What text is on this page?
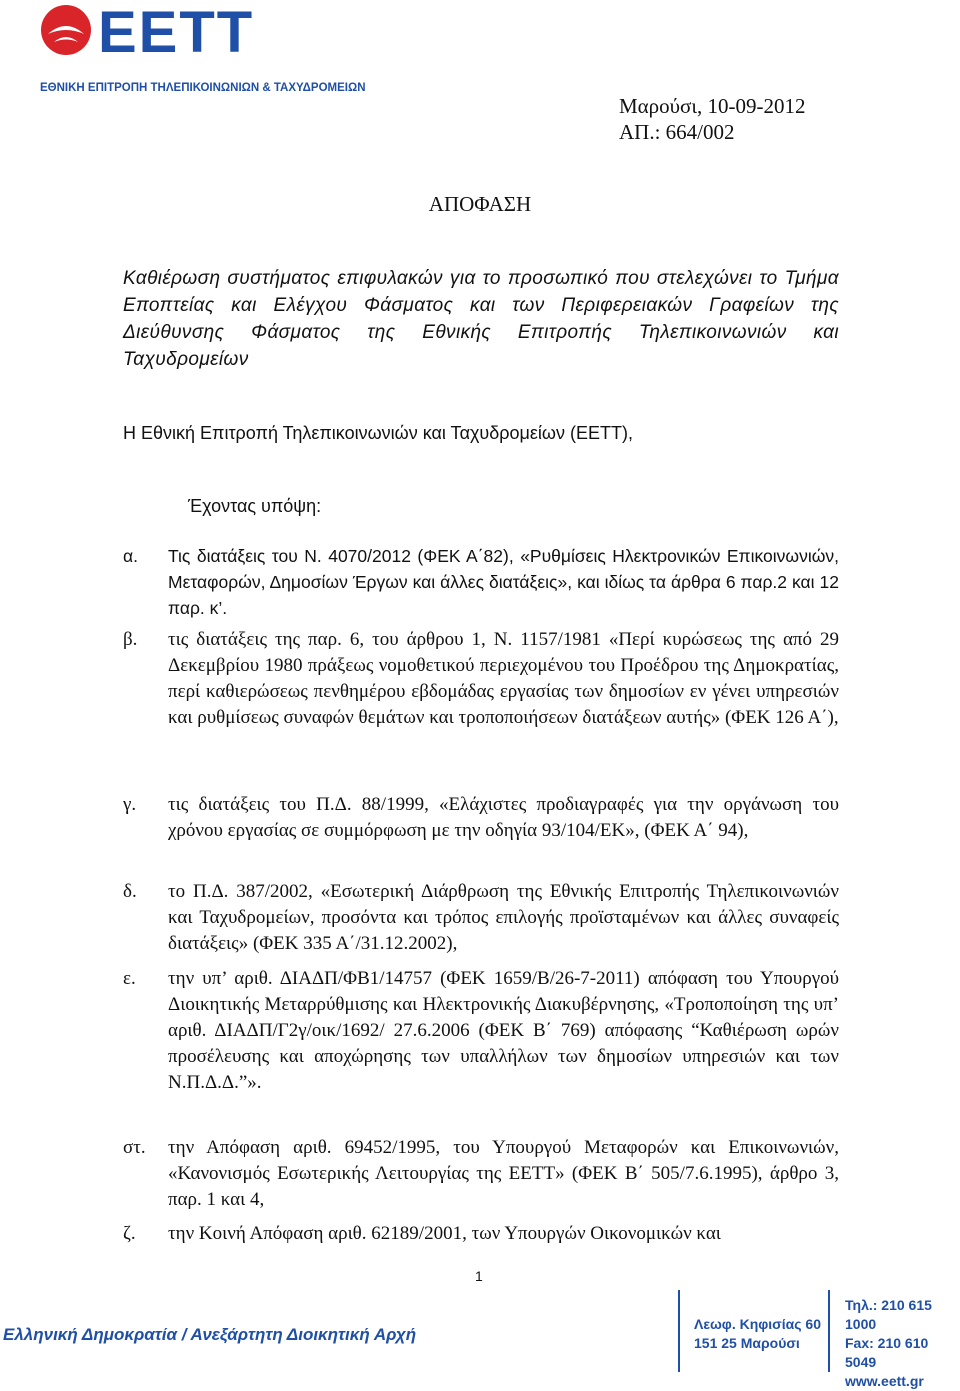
ΕΕΤΤ
ΕΘΝΙΚΗ ΕΠΙΤΡΟΠΗ ΤΗΛΕΠΙΚΟΙΝΩΝΙΩΝ & ΤΑΧΥΔΡΟΜΕΙΩΝ
Μαρούσι, 10-09-2012
ΑΠ.: 664/002
ΑΠΟΦΑΣΗ
Καθιέρωση συστήματος επιφυλακών για το προσωπικό που στελεχώνει το Τμήμα Εποπτείας και Ελέγχου Φάσματος και των Περιφερειακών Γραφείων της Διεύθυνσης Φάσματος της Εθνικής Επιτροπής Τηλεπικοινωνιών και Ταχυδρομείων
Η Εθνική Επιτροπή Τηλεπικοινωνιών και Ταχυδρομείων (ΕΕΤΤ),
Έχοντας υπόψη:
α. Τις διατάξεις του Ν. 4070/2012 (ΦΕΚ Α΄82), «Ρυθμίσεις Ηλεκτρονικών Επικοινωνιών, Μεταφορών, Δημοσίων Έργων και άλλες διατάξεις», και ιδίως τα άρθρα 6 παρ.2 και 12 παρ. κ’.
β. τις διατάξεις της παρ. 6, του άρθρου 1, Ν. 1157/1981 «Περί κυρώσεως της από 29 Δεκεμβρίου 1980 πράξεως νομοθετικού περιεχομένου του Προέδρου της Δημοκρατίας, περί καθιερώσεως πενθημέρου εβδομάδας εργασίας των δημοσίων εν γένει υπηρεσιών και ρυθμίσεως συναφών θεμάτων και τροποποιήσεων διατάξεων αυτής» (ΦΕΚ 126 Α΄),
γ. τις διατάξεις του Π.Δ. 88/1999, «Ελάχιστες προδιαγραφές για την οργάνωση του χρόνου εργασίας σε συμμόρφωση με την οδηγία 93/104/ΕΚ», (ΦΕΚ Α΄ 94),
δ. το Π.Δ. 387/2002, «Εσωτερική Διάρθρωση της Εθνικής Επιτροπής Τηλεπικοινωνιών και Ταχυδρομείων, προσόντα και τρόπος επιλογής προϊσταμένων και άλλες συναφείς διατάξεις» (ΦΕΚ 335 Α΄/31.12.2002),
ε. την υπ’ αριθ. ΔΙΑΔΠ/ΦΒ1/14757 (ΦΕΚ 1659/Β/26-7-2011) απόφαση του Υπουργού Διοικητικής Μεταρρύθμισης και Ηλεκτρονικής Διακυβέρνησης, «Τροποποίηση της υπ’ αριθ. ΔΙΑΔΠ/Γ2γ/οικ/1692/ 27.6.2006 (ΦΕΚ Β΄ 769) απόφασης “Καθιέρωση ωρών προσέλευσης και αποχώρησης των υπαλλήλων των δημοσίων υπηρεσιών και των Ν.Π.Δ.Δ.”».
στ. την Απόφαση αριθ. 69452/1995, του Υπουργού Μεταφορών και Επικοινωνιών, «Κανονισμός Εσωτερικής Λειτουργίας της ΕΕΤΤ» (ΦΕΚ Β΄ 505/7.6.1995), άρθρο 3, παρ. 1 και 4,
ζ. την Κοινή Απόφαση αριθ. 62189/2001, των Υπουργών Οικονομικών και
1
Ελληνική Δημοκρατία / Ανεξάρτητη Διοικητική Αρχή
Λεωφ. Κηφισίας 60
151 25 Μαρούσι
Τηλ.: 210 615 1000
Fax: 210 610 5049
www.eett.gr
